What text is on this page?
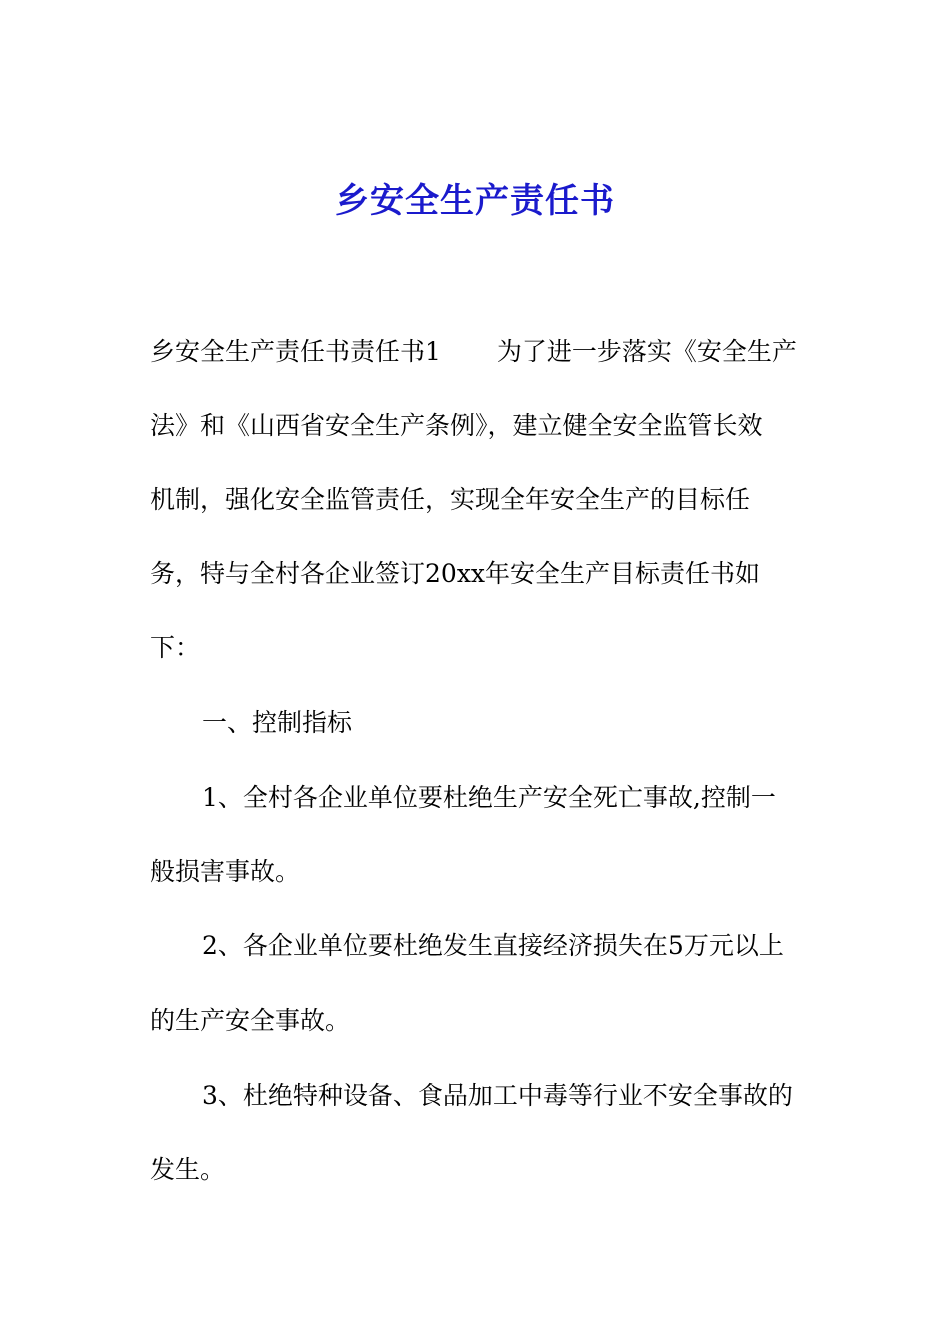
乡安全生产责任书
乡安全生产责任书责任书1 为了进一步落实《安全生产
法》和《山西省安全生产条例》，建立健全安全监管长效
机制，强化安全监管责任，实现全年安全生产的目标任
务，特与全村各企业签订20xx年安全生产目标责任书如
下：
一、控制指标
1、全村各企业单位要杜绝生产安全死亡事故,控制一
般损害事故。
2、各企业单位要杜绝发生直接经济损失在5万元以上
的生产安全事故。
3、杜绝特种设备、食品加工中毒等行业不安全事故的
发生。
